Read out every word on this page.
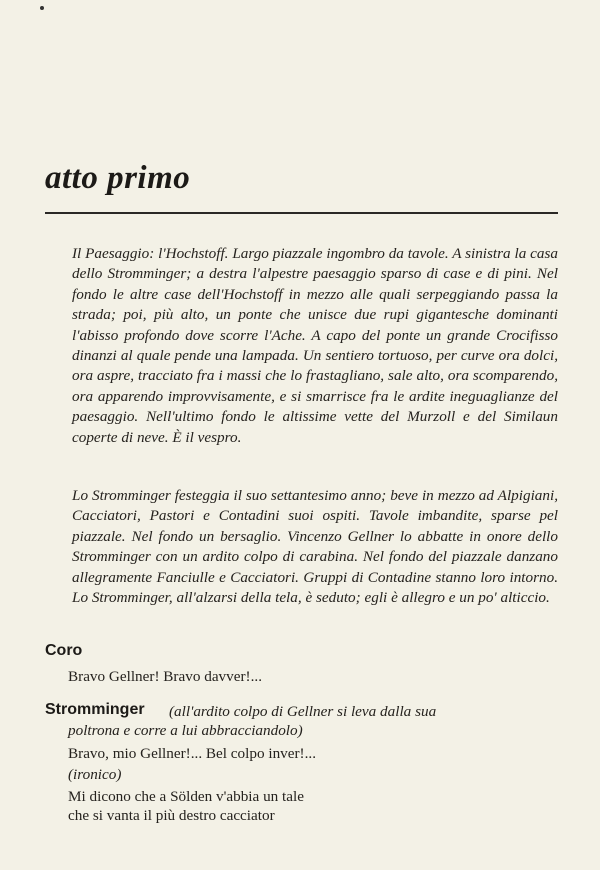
atto primo
Il Paesaggio: l'Hochstoff. Largo piazzale ingombro da tavole. A sinistra la casa dello Stromminger; a destra l'alpestre paesaggio sparso di case e di pini. Nel fondo le altre case dell'Hochstoff in mezzo alle quali serpeggiando passa la strada; poi, più alto, un ponte che unisce due rupi gigantesche dominanti l'abisso profondo dove scorre l'Ache. A capo del ponte un grande Crocifisso dinanzi al quale pende una lampada. Un sentiero tortuoso, per curve ora dolci, ora aspre, tracciato fra i massi che lo frastagliano, sale alto, ora scomparendo, ora apparendo improvvisamente, e si smarrisce fra le ardite ineguaglianze del paesaggio. Nell'ultimo fondo le altissime vette del Murzoll e del Similaun coperte di neve. È il vespro.
Lo Stromminger festeggia il suo settantesimo anno; beve in mezzo ad Alpigiani, Cacciatori, Pastori e Contadini suoi ospiti. Tavole imbandite, sparse pel piazzale. Nel fondo un bersaglio. Vincenzo Gellner lo abbatte in onore dello Stromminger con un ardito colpo di carabina. Nel fondo del piazzale danzano allegramente Fanciulle e Cacciatori. Gruppi di Contadine stanno loro intorno. Lo Stromminger, all'alzarsi della tela, è seduto; egli è allegro e un po' alticcio.
Coro
Bravo Gellner! Bravo davver!...
Stromminger (all'ardito colpo di Gellner si leva dalla sua
poltrona e corre a lui abbracciandolo)
Bravo, mio Gellner!... Bel colpo inver!...
(ironico)
Mi dicono che a Sölden v'abbia un tale
che si vanta il più destro cacciator
